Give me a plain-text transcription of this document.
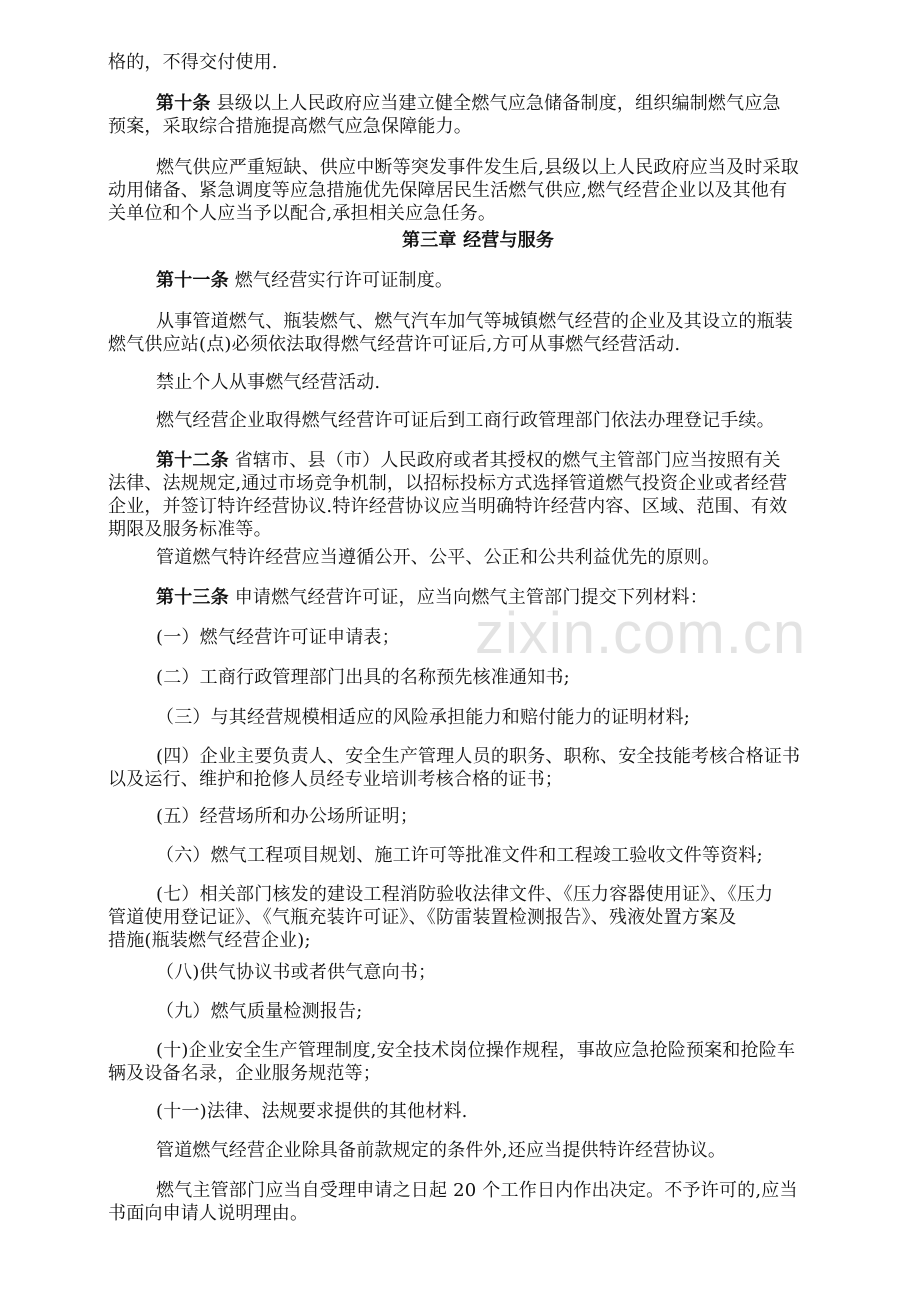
zixin.com.cn
格的，不得交付使用.
第十条 县级以上人民政府应当建立健全燃气应急储备制度，组织编制燃气应急
预案，采取综合措施提高燃气应急保障能力。
燃气供应严重短缺、供应中断等突发事件发生后,县级以上人民政府应当及时采取
动用储备、紧急调度等应急措施优先保障居民生活燃气供应,燃气经营企业以及其他有
关单位和个人应当予以配合,承担相关应急任务。
第三章 经营与服务
第十一条 燃气经营实行许可证制度。
从事管道燃气、瓶装燃气、燃气汽车加气等城镇燃气经营的企业及其设立的瓶装
燃气供应站(点)必须依法取得燃气经营许可证后,方可从事燃气经营活动.
禁止个人从事燃气经营活动.
燃气经营企业取得燃气经营许可证后到工商行政管理部门依法办理登记手续。
第十二条 省辖市、县（市）人民政府或者其授权的燃气主管部门应当按照有关
法律、法规规定,通过市场竞争机制，以招标投标方式选择管道燃气投资企业或者经营
企业，并签订特许经营协议.特许经营协议应当明确特许经营内容、区域、范围、有效
期限及服务标准等。
管道燃气特许经营应当遵循公开、公平、公正和公共利益优先的原则。
第十三条 申请燃气经营许可证，应当向燃气主管部门提交下列材料：
(一）燃气经营许可证申请表；
(二）工商行政管理部门出具的名称预先核准通知书;
（三）与其经营规模相适应的风险承担能力和赔付能力的证明材料;
(四）企业主要负责人、安全生产管理人员的职务、职称、安全技能考核合格证书
以及运行、维护和抢修人员经专业培训考核合格的证书；
(五）经营场所和办公场所证明；
（六）燃气工程项目规划、施工许可等批准文件和工程竣工验收文件等资料;
(七）相关部门核发的建设工程消防验收法律文件、《压力容器使用证》、《压力
管道使用登记证》、《气瓶充装许可证》、《防雷装置检测报告》、残液处置方案及
措施(瓶装燃气经营企业);
（八)供气协议书或者供气意向书；
（九）燃气质量检测报告;
(十)企业安全生产管理制度,安全技术岗位操作规程，事故应急抢险预案和抢险车
辆及设备名录，企业服务规范等；
(十一)法律、法规要求提供的其他材料.
管道燃气经营企业除具备前款规定的条件外,还应当提供特许经营协议。
燃气主管部门应当自受理申请之日起 20 个工作日内作出决定。不予许可的,应当
书面向申请人说明理由。
